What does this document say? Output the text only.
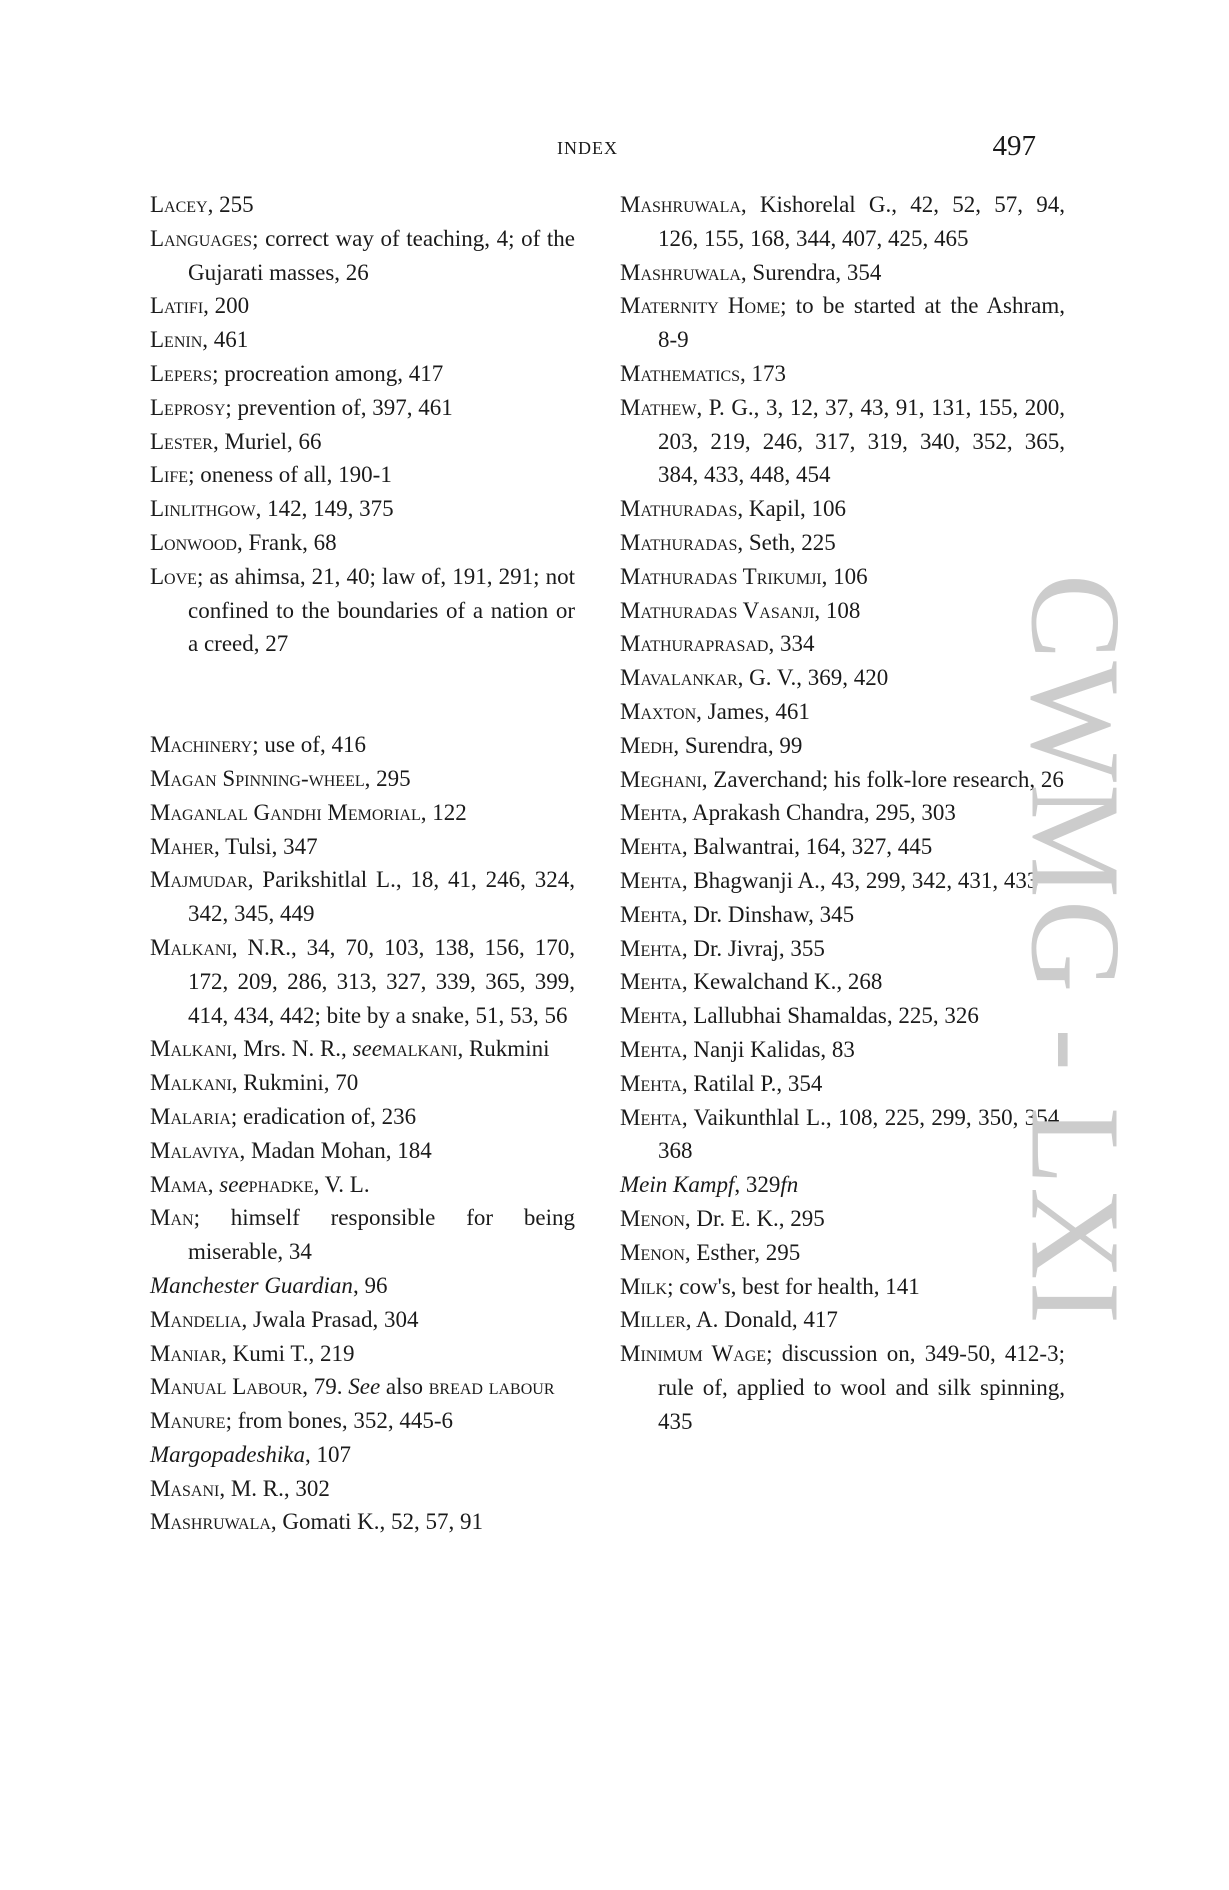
INDEX	497

Lacey, 255

Languages; correct way of teaching, 4; of the Gujarati masses, 26

Latifi, 200

Lenin, 461

Lepers; procreation among, 417

Leprosy; prevention of, 397, 461

Lester, Muriel, 66

Life; oneness of all, 190-1

Linlithgow, 142, 149, 375

Lonwood, Frank, 68

Love; as ahimsa, 21, 40; law of, 191, 291; not confined to the boundaries of a nation or a creed, 27

Machinery; use of, 416

Magan Spinning-wheel, 295

Maganlal Gandhi Memorial, 122

Maher, Tulsi, 347

Majmudar, Parikshitlal L., 18, 41, 246, 324, 342, 345, 449

Malkani, N.R., 34, 70, 103, 138, 156, 170, 172, 209, 286, 313, 327, 339, 365, 399, 414, 434, 442; bite by a snake, 51, 53, 56

Malkani, Mrs. N. R., seemalkani, Rukmini

Malkani, Rukmini, 70

Malaria; eradication of, 236

Malaviya, Madan Mohan, 184

Mama, seephadke, V. L.

Man; himself responsible for being miserable, 34

Manchester Guardian, 96

Mandelia, Jwala Prasad, 304

Maniar, Kumi T., 219

Manual Labour, 79. See also bread labour

Manure; from bones, 352, 445-6

Margopadeshika, 107

Masani, M. R., 302

Mashruwala, Gomati K., 52, 57, 91

Mashruwala, Kishorelal G., 42, 52, 57, 94, 126, 155, 168, 344, 407, 425, 465

Mashruwala, Surendra, 354

Maternity Home; to be started at the Ashram, 8-9

Mathematics, 173

Mathew, P. G., 3, 12, 37, 43, 91, 131, 155, 200, 203, 219, 246, 317, 319, 340, 352, 365, 384, 433, 448, 454

Mathuradas, Kapil, 106

Mathuradas, Seth, 225

Mathuradas Trikumji, 106

Mathuradas Vasanji, 108

Mathuraprasad, 334

Mavalankar, G. V., 369, 420

Maxton, James, 461

Medh, Surendra, 99

Meghani, Zaverchand; his folk-lore research, 26

Mehta, Aprakash Chandra, 295, 303

Mehta, Balwantrai, 164, 327, 445

Mehta, Bhagwanji A., 43, 299, 342, 431, 433

Mehta, Dr. Dinshaw, 345

Mehta, Dr. Jivraj, 355

Mehta, Kewalchand K., 268

Mehta, Lallubhai Shamaldas, 225, 326

Mehta, Nanji Kalidas, 83

Mehta, Ratilal P., 354

Mehta, Vaikunthlal L., 108, 225, 299, 350, 354, 368

Mein Kampf, 329fn

Menon, Dr. E. K., 295

Menon, Esther, 295

Milk; cow's, best for health, 141

Miller, A. Donald, 417

Minimum Wage; discussion on, 349-50, 412-3; rule of, applied to wool and silk spinning, 435

CWMG - LXI
